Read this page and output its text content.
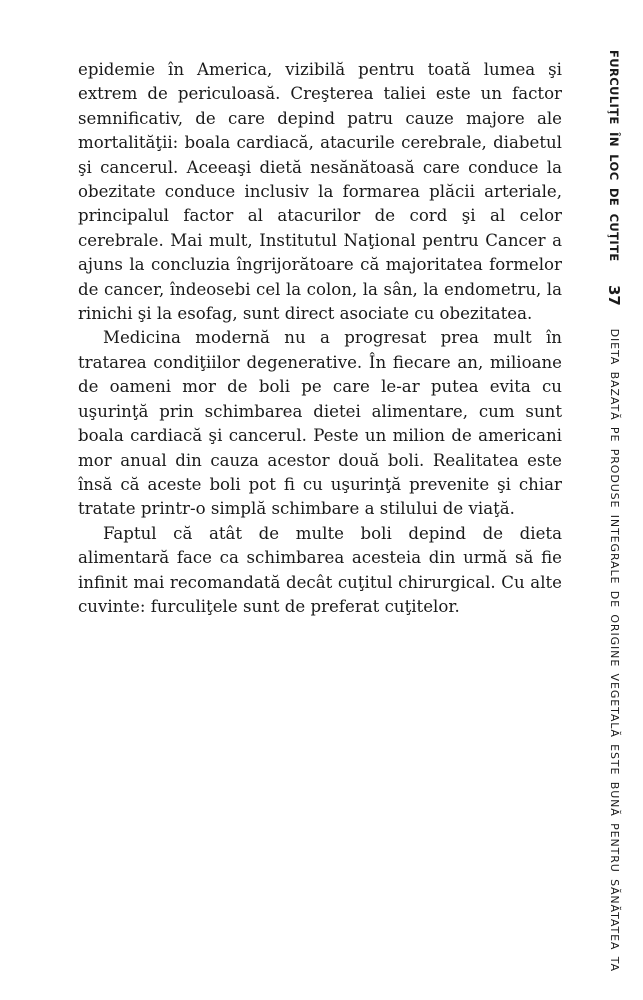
epidemie în America, vizibilă pentru toată lumea şi extrem de periculoasă. Creşterea taliei este un factor semnificativ, de care depind patru cauze majore ale mortalităţii: boala cardiacă, atacurile cerebrale, diabetul şi cancerul. Aceeaşi dietă nesănătoasă care conduce la obezitate conduce inclusiv la formarea plăcii arteriale, principalul factor al atacurilor de cord şi al celor cerebrale. Mai mult, Institutul Naţional pentru Cancer a ajuns la concluzia îngrijorătoare că majoritatea formelor de cancer, îndeosebi cel la colon, la sân, la endometru, la rinichi şi la esofag, sunt direct asociate cu obezitatea.

Medicina modernă nu a progresat prea mult în tratarea condiţiilor degenerative. În fiecare an, milioane de oameni mor de boli pe care le-ar putea evita cu uşurinţă prin schimbarea dietei alimentare, cum sunt boala cardiacă şi cancerul. Peste un milion de americani mor anual din cauza acestor două boli. Realitatea este însă că aceste boli pot fi cu uşurinţă prevenite şi chiar tratate printr-o simplă schimbare a stilului de viaţă.

Faptul că atât de multe boli depind de dieta alimentară face ca schimbarea acesteia din urmă să fie infinit mai recomandată decât cuţitul chirurgical. Cu alte cuvinte: furculiţele sunt de preferat cuţitelor.

FURCULIŢE ÎN LOC DE CUŢITE 37 DIETA BAZATĂ PE PRODUSE INTEGRALE DE ORIGINE VEGETALĂ ESTE BUNĂ PENTRU SĂNĂTATEA TA
